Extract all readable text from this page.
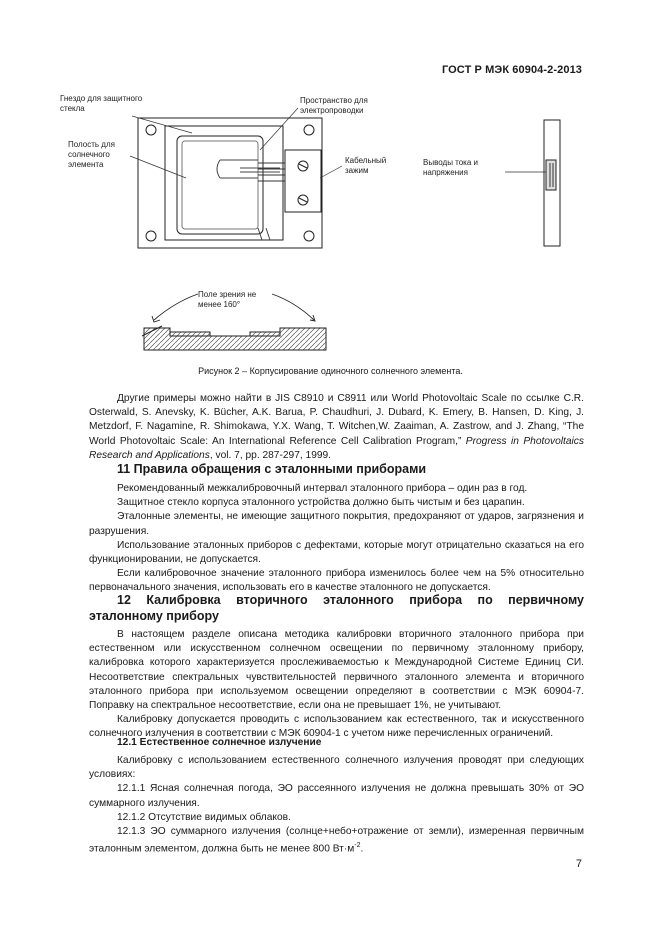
ГОСТ Р МЭК 60904-2-2013
Гнездо для защитного стекла
Полость для солнечного элемента
Пространство для электропроводки
Кабельный зажим
Выводы тока и напряжения
Поле зрения не менее 160°
Рисунок 2 – Корпусирование одиночного солнечного элемента.
Другие примеры можно найти в JIS C8910 и C8911 или World Photovoltaic Scale по ссылке C.R. Osterwald, S. Anevsky, K. Bücher, A.K. Barua, P. Chaudhuri, J. Dubard, K. Emery, B. Hansen, D. King, J. Metzdorf, F. Nagamine, R. Shimokawa, Y.X. Wang, T. Witchen,W. Zaaiman, A. Zastrow, and J. Zhang, “The World Photovoltaic Scale: An International Reference Cell Calibration Program,” Progress in Photovoltaics Research and Applications, vol. 7, pp. 287-297, 1999.
11 Правила обращения с эталонными приборами

Рекомендованный межкалибровочный интервал эталонного прибора – один раз в год.

Защитное стекло корпуса эталонного устройства должно быть чистым и без царапин.

Эталонные элементы, не имеющие защитного покрытия, предохраняют от ударов, загрязнения и разрушения.

Использование эталонных приборов с дефектами, которые могут отрицательно сказаться на его функционировании, не допускается.

Если калибровочное значение эталонного прибора изменилось более чем на 5% относительно первоначального значения, использовать его в качестве эталонного не допускается.

12 Калибровка вторичного эталонного прибора по первичному эталонному прибору

В настоящем разделе описана методика калибровки вторичного эталонного прибора при естественном или искусственном солнечном освещении по первичному эталонному прибору, калибровка которого характеризуется прослеживаемостью к Международной Системе Единиц СИ. Несоответствие спектральных чувствительностей первичного эталонного элемента и вторичного эталонного прибора при используемом освещении определяют в соответствии с МЭК 60904-7. Поправку на спектральное несоответствие, если она не превышает 1%, не учитывают.

Калибровку допускается проводить с использованием как естественного, так и искусственного солнечного излучения в соответствии с МЭК 60904-1 с учетом ниже перечисленных ограничений.

12.1 Естественное солнечное излучение

Калибровку с использованием естественного солнечного излучения проводят при следующих условиях:

12.1.1 Ясная солнечная погода, ЭО рассеянного излучения не должна превышать 30% от ЭО суммарного излучения.

12.1.2 Отсутствие видимых облаков.

12.1.3 ЭО суммарного излучения (солнце+небо+отражение от земли), измеренная первичным эталонным элементом, должна быть не менее 800 $Вт\cdot м^{-2}$.

7
